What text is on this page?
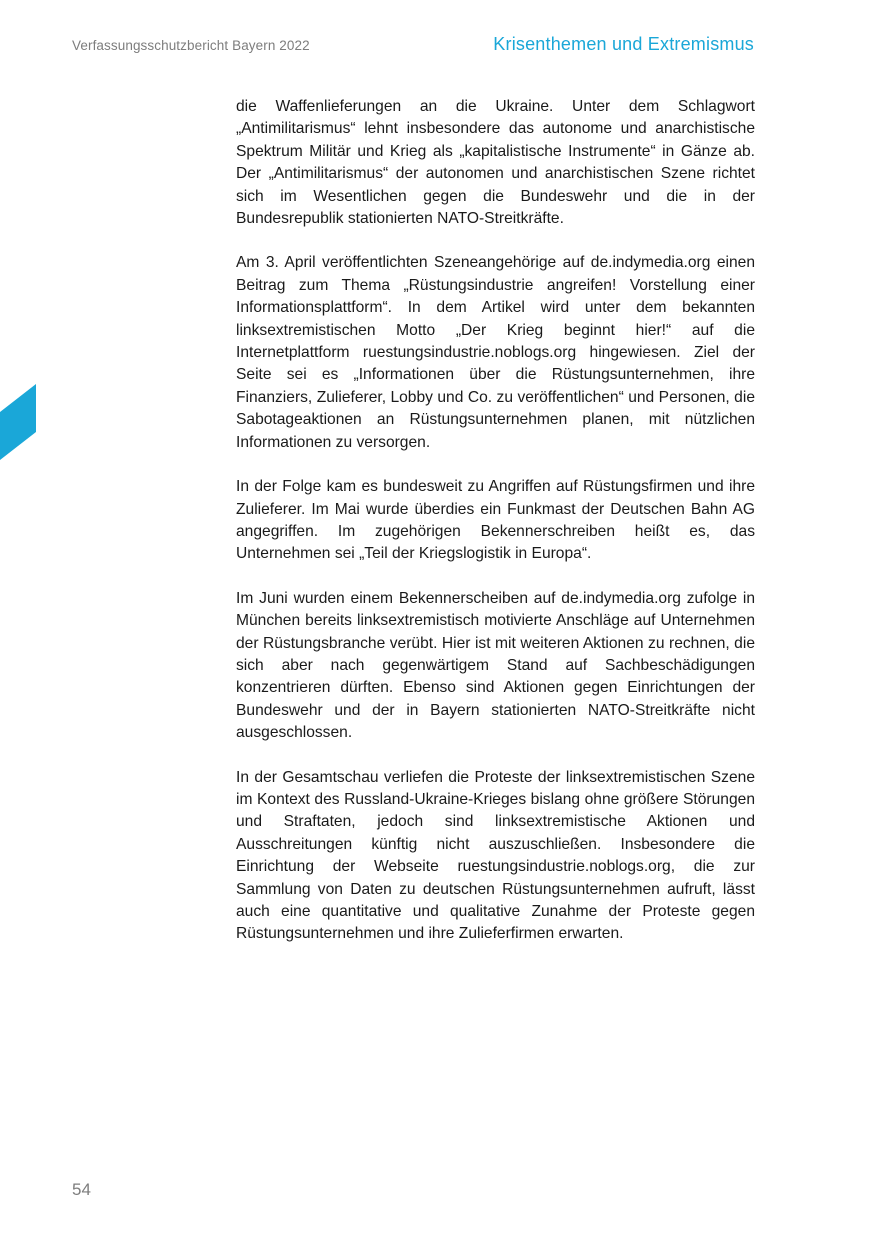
Verfassungsschutzbericht Bayern 2022	Krisenthemen und Extremismus

die Waffenlieferungen an die Ukraine. Unter dem Schlagwort „Antimilitarismus“ lehnt insbesondere das autonome und anarchistische Spektrum Militär und Krieg als „kapitalistische Instrumente“ in Gänze ab. Der „Antimilitarismus“ der autonomen und anarchistischen Szene richtet sich im Wesentlichen gegen die Bundeswehr und die in der Bundesrepublik stationierten NATO-Streitkräfte.

Am 3. April veröffentlichten Szeneangehörige auf de.indymedia.​org einen Beitrag zum Thema „Rüstungsindustrie angreifen! Vorstellung einer Informationsplattform“. In dem Artikel wird unter dem bekannten linksextremistischen Motto „Der Krieg beginnt hier!“ auf die Internetplattform ruestungsindustrie.noblogs.org hingewiesen. Ziel der Seite sei es „Informationen über die Rüstungsunternehmen, ihre Finanziers, Zulieferer, Lobby und Co. zu veröffentlichen“ und Personen, die Sabotageaktionen an Rüstungsunternehmen planen, mit nützlichen Informationen zu versorgen.

In der Folge kam es bundesweit zu Angriffen auf Rüstungsfirmen und ihre Zulieferer. Im Mai wurde überdies ein Funkmast der Deutschen Bahn AG angegriffen. Im zugehörigen Bekennerschreiben heißt es, das Unternehmen sei „Teil der Kriegslogistik in Europa“.

Im Juni wurden einem Bekennerscheiben auf de.indymedia.org zufolge in München bereits linksextremistisch motivierte Anschläge auf Unternehmen der Rüstungsbranche verübt. Hier ist mit weiteren Aktionen zu rechnen, die sich aber nach gegenwärtigem Stand auf Sachbeschädigungen konzentrieren dürften. Ebenso sind Aktionen gegen Einrichtungen der Bundeswehr und der in Bayern stationierten NATO-Streitkräfte nicht ausgeschlossen.

In der Gesamtschau verliefen die Proteste der linksextremistischen Szene im Kontext des Russland-Ukraine-Krieges bislang ohne größere Störungen und Straftaten, jedoch sind linksextremistische Aktionen und Ausschreitungen künftig nicht auszuschließen. Insbesondere die Einrichtung der Webseite ruestungsindustrie.noblogs.org, die zur Sammlung von Daten zu deutschen Rüstungsunternehmen aufruft, lässt auch eine quantitative und qualitative Zunahme der Proteste gegen Rüstungsunternehmen und ihre Zulieferfirmen erwarten.

54
